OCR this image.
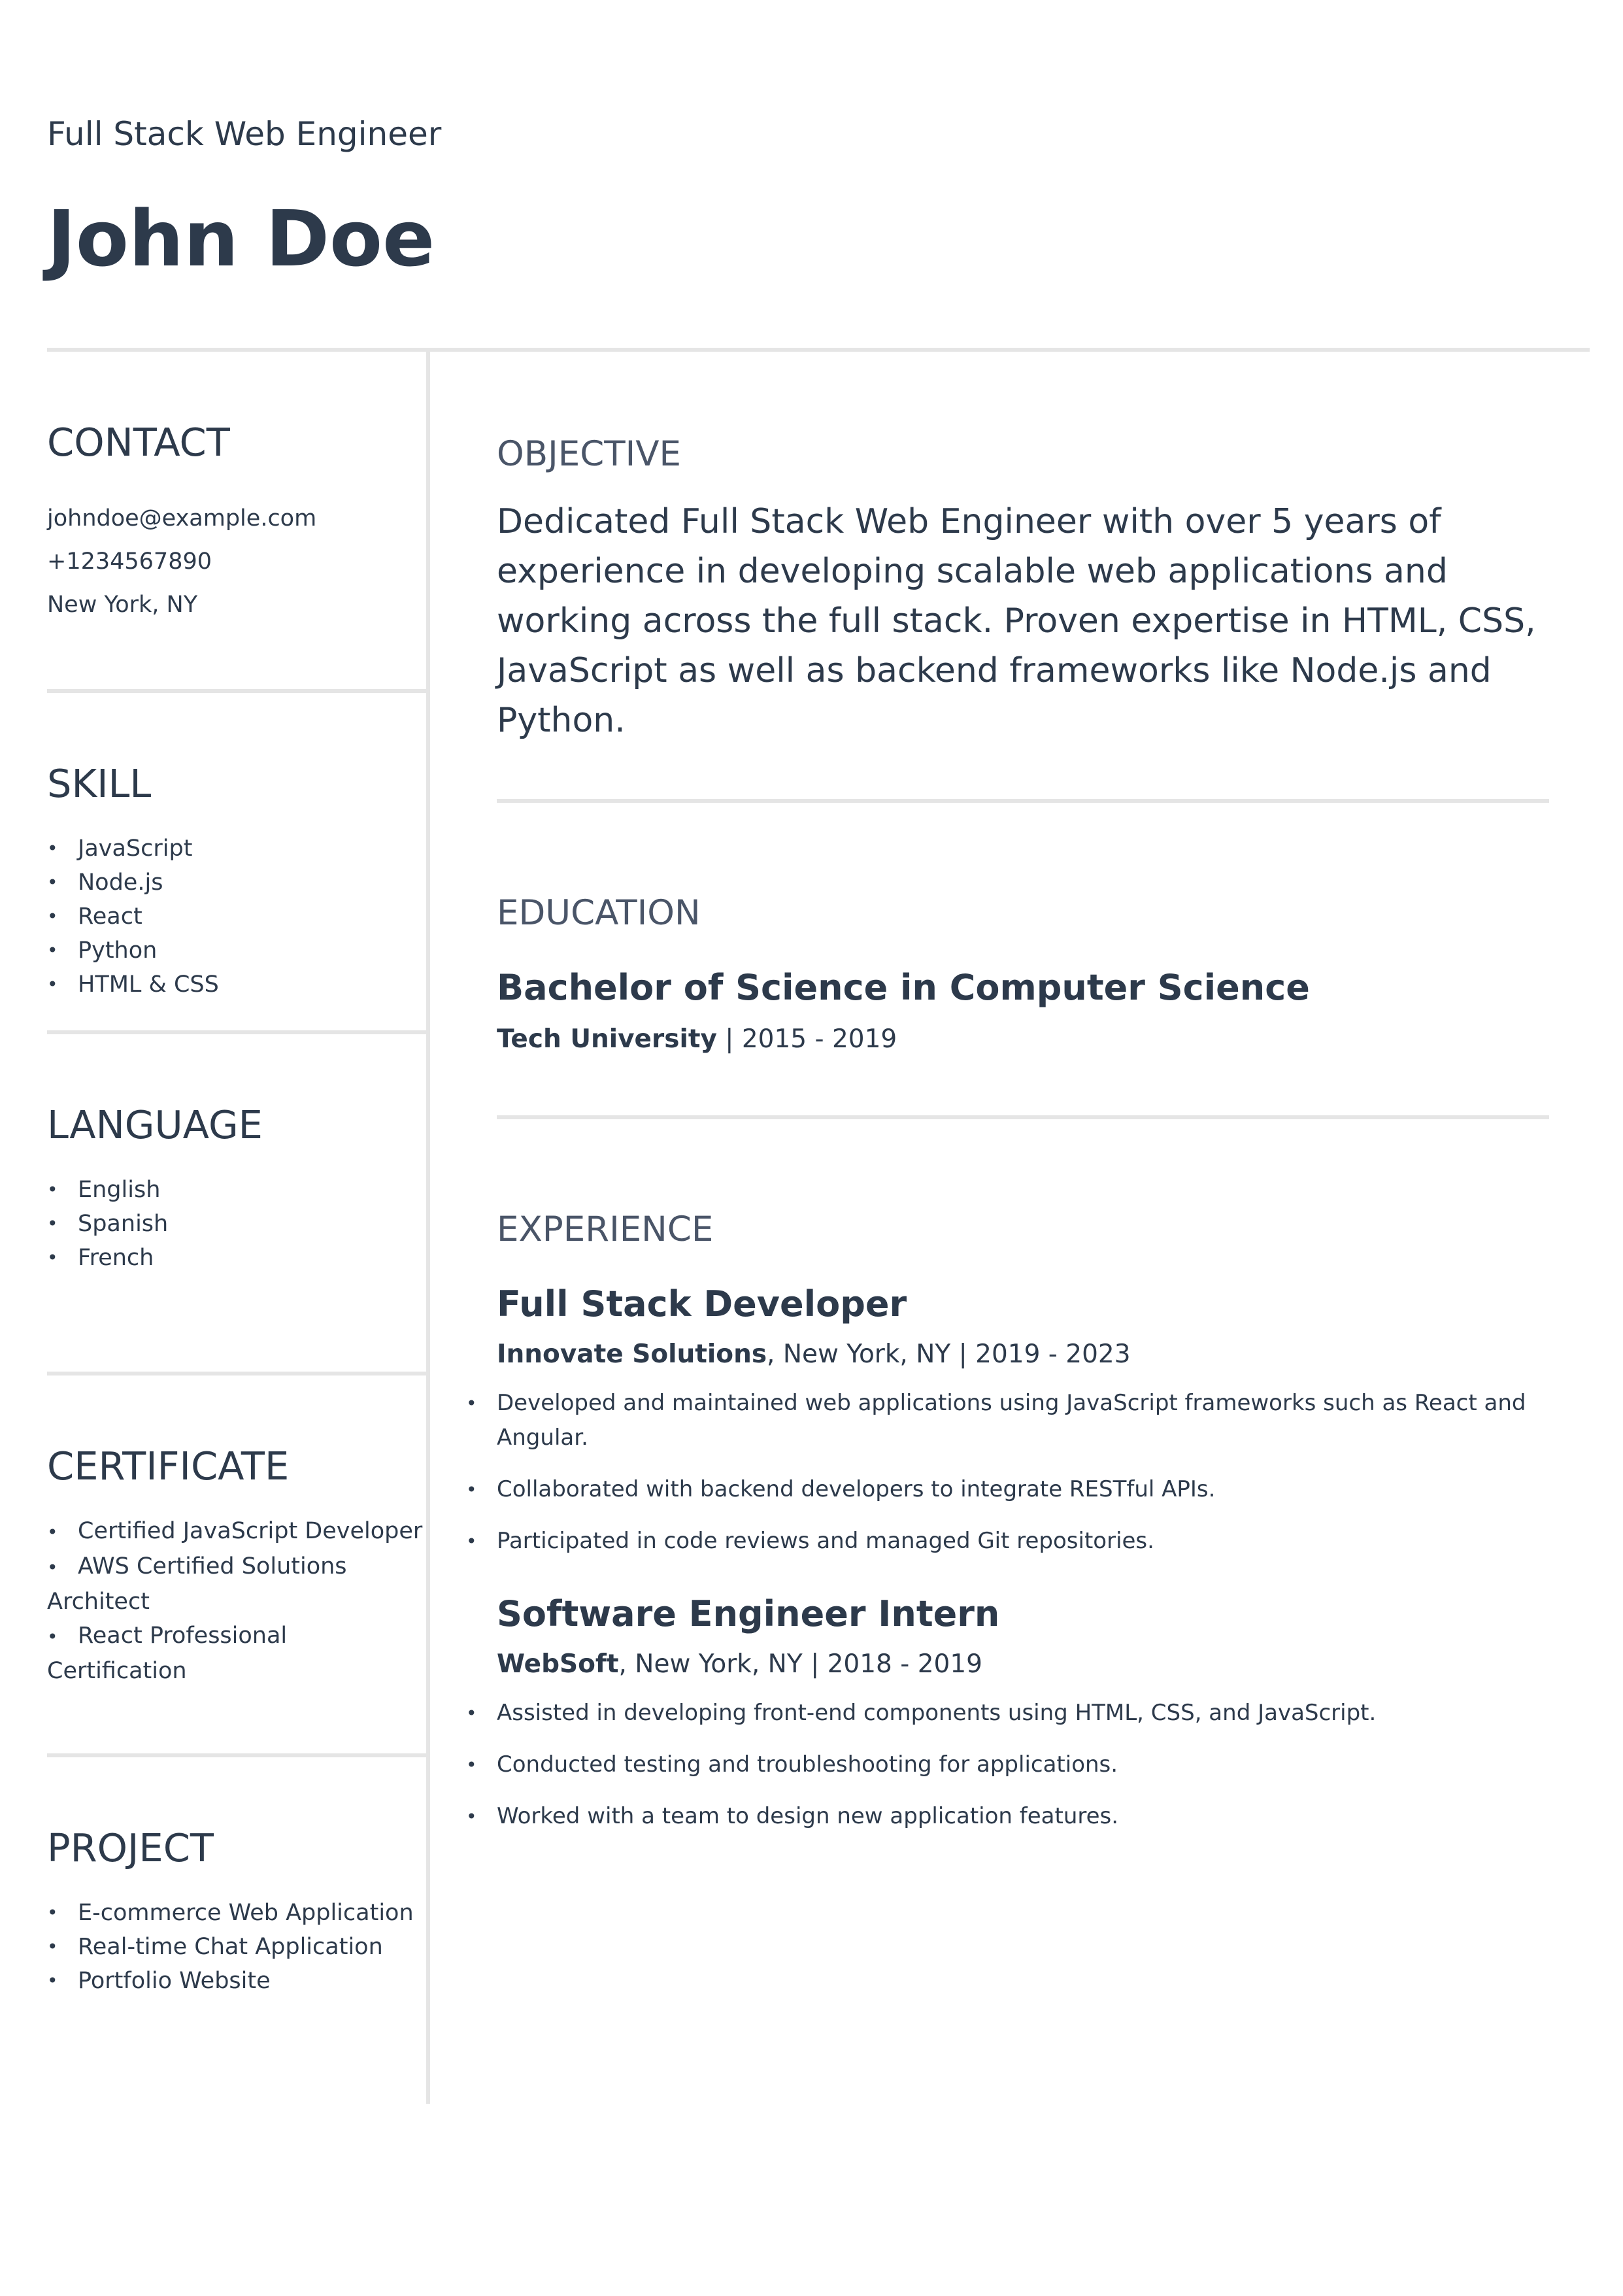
Full Stack Web Engineer

John Doe
CONTACT

johndoe@example.com

+1234567890

New York, NY

SKILL
• JavaScript
• Node.js
• React
• Python
• HTML & CSS
LANGUAGE
• English
• Spanish
• French
CERTIFICATE
• Certified JavaScript Developer
• AWS Certified Solutions Architect
• React Professional Certification
PROJECT
• E-commerce Web Application
• Real-time Chat Application
• Portfolio Website
OBJECTIVE

Dedicated Full Stack Web Engineer with over 5 years of experience in developing scalable web applications and working across the full stack. Proven expertise in HTML, CSS, JavaScript as well as backend frameworks like Node.js and Python.

EDUCATION
Bachelor of Science in Computer Science

Tech University | 2015 - 2019

EXPERIENCE
Full Stack Developer

Innovate Solutions, New York, NY | 2019 - 2023

• Developed and maintained web applications using JavaScript frameworks such as React and Angular.
• Collaborated with backend developers to integrate RESTful APIs.
• Participated in code reviews and managed Git repositories.
Software Engineer Intern

WebSoft, New York, NY | 2018 - 2019

• Assisted in developing front-end components using HTML, CSS, and JavaScript.
• Conducted testing and troubleshooting for applications.
• Worked with a team to design new application features.
